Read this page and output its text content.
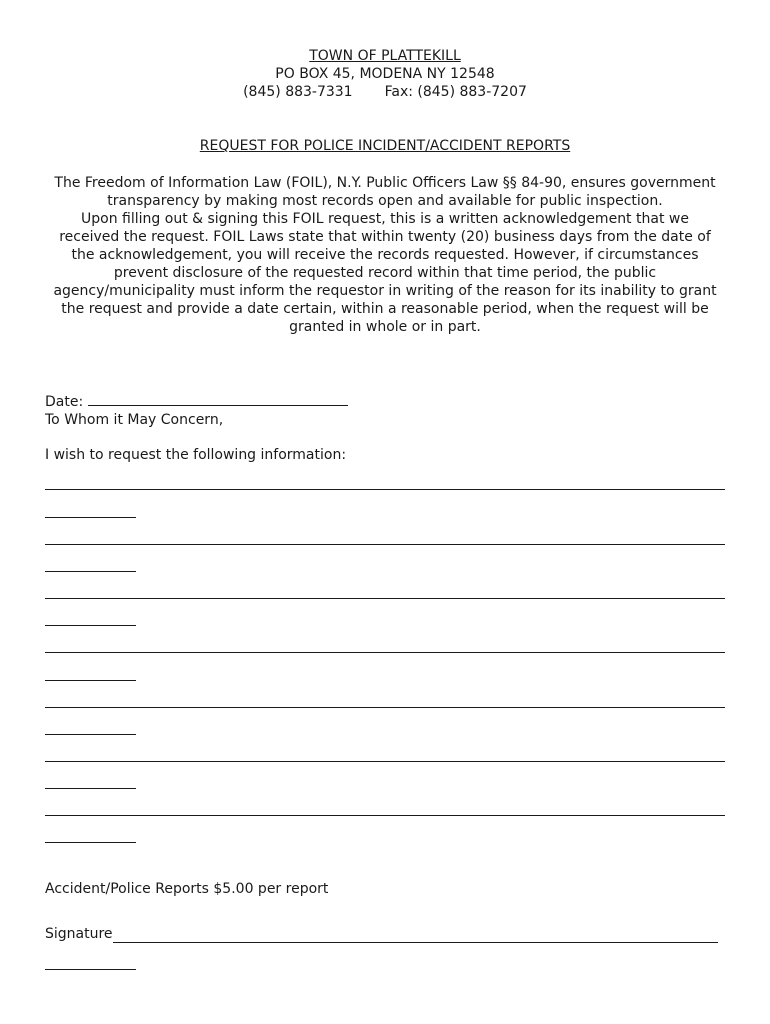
TOWN OF PLATTEKILL
PO BOX 45, MODENA NY 12548
(845) 883-7331 Fax: (845) 883-7207
REQUEST FOR POLICE INCIDENT/ACCIDENT REPORTS

The Freedom of Information Law (FOIL), N.Y. Public Officers Law §§ 84-90, ensures government transparency by making most records open and available for public inspection.

Upon filling out & signing this FOIL request, this is a written acknowledgement that we received the request. FOIL Laws state that within twenty (20) business days from the date of the acknowledgement, you will receive the records requested. However, if circumstances prevent disclosure of the requested record within that time period, the public agency/municipality must inform the requestor in writing of the reason for its inability to grant the request and provide a date certain, within a reasonable period, when the request will be granted in whole or in part.

Date:
To Whom it May Concern,
I wish to request the following information:
Accident/Police Reports $5.00 per report
Signature
